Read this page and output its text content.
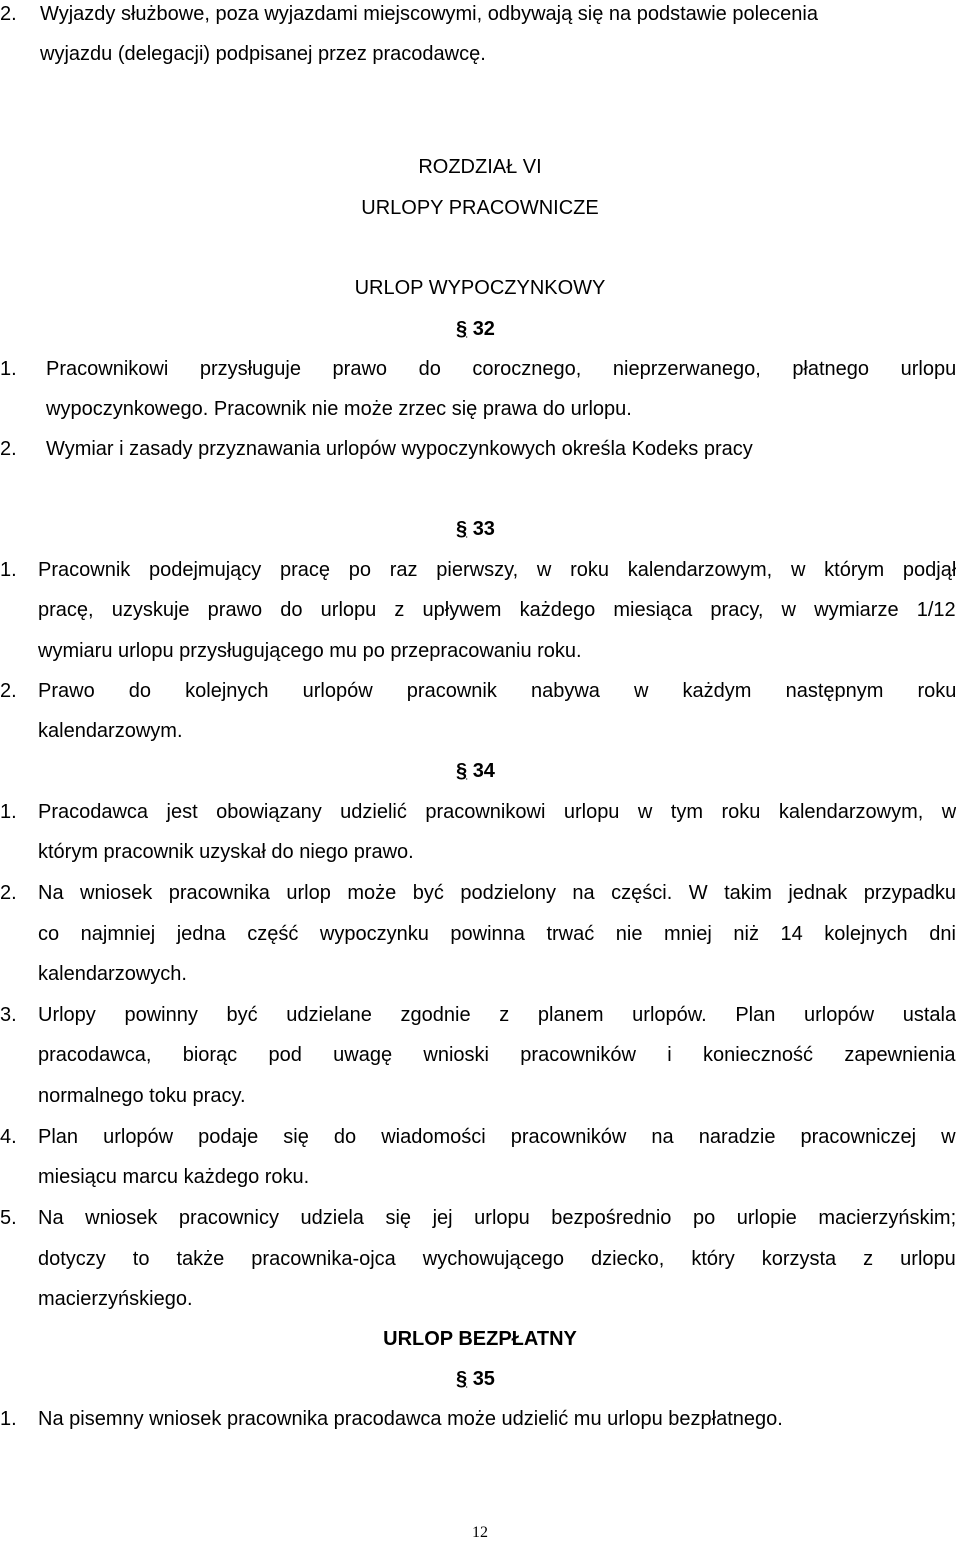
2. Wyjazdy służbowe, poza wyjazdami miejscowymi, odbywają się na podstawie polecenia
wyjazdu (delegacji) podpisanej przez pracodawcę.
ROZDZIAŁ VI
URLOPY PRACOWNICZE
URLOP WYPOCZYNKOWY
§ 32
1. Pracownikowi przysługuje prawo do corocznego, nieprzerwanego, płatnego urlopu
wypoczynkowego. Pracownik nie może zrzec się prawa do urlopu.
2. Wymiar i zasady przyznawania urlopów wypoczynkowych określa Kodeks pracy
§ 33
1. Pracownik podejmujący pracę po raz pierwszy, w roku kalendarzowym, w którym podjął
pracę, uzyskuje prawo do urlopu z upływem każdego miesiąca pracy, w wymiarze 1/12
wymiaru urlopu przysługującego mu po przepracowaniu roku.
2. Prawo do kolejnych urlopów pracownik nabywa w każdym następnym roku
kalendarzowym.
§ 34
1. Pracodawca jest obowiązany udzielić pracownikowi urlopu w tym roku kalendarzowym, w
którym pracownik uzyskał do niego prawo.
2. Na wniosek pracownika urlop może być podzielony na części. W takim jednak przypadku
co najmniej jedna część wypoczynku powinna trwać nie mniej niż 14 kolejnych dni
kalendarzowych.
3. Urlopy powinny być udzielane zgodnie z planem urlopów. Plan urlopów ustala
pracodawca, biorąc pod uwagę wnioski pracowników i konieczność zapewnienia
normalnego toku pracy.
4. Plan urlopów podaje się do wiadomości pracowników na naradzie pracowniczej w
miesiącu marcu każdego roku.
5. Na wniosek pracownicy udziela się jej urlopu bezpośrednio po urlopie macierzyńskim;
dotyczy to także pracownika-ojca wychowującego dziecko, który korzysta z urlopu
macierzyńskiego.
URLOP BEZPŁATNY
§ 35
1. Na pisemny wniosek pracownika pracodawca może udzielić mu urlopu bezpłatnego.
12
